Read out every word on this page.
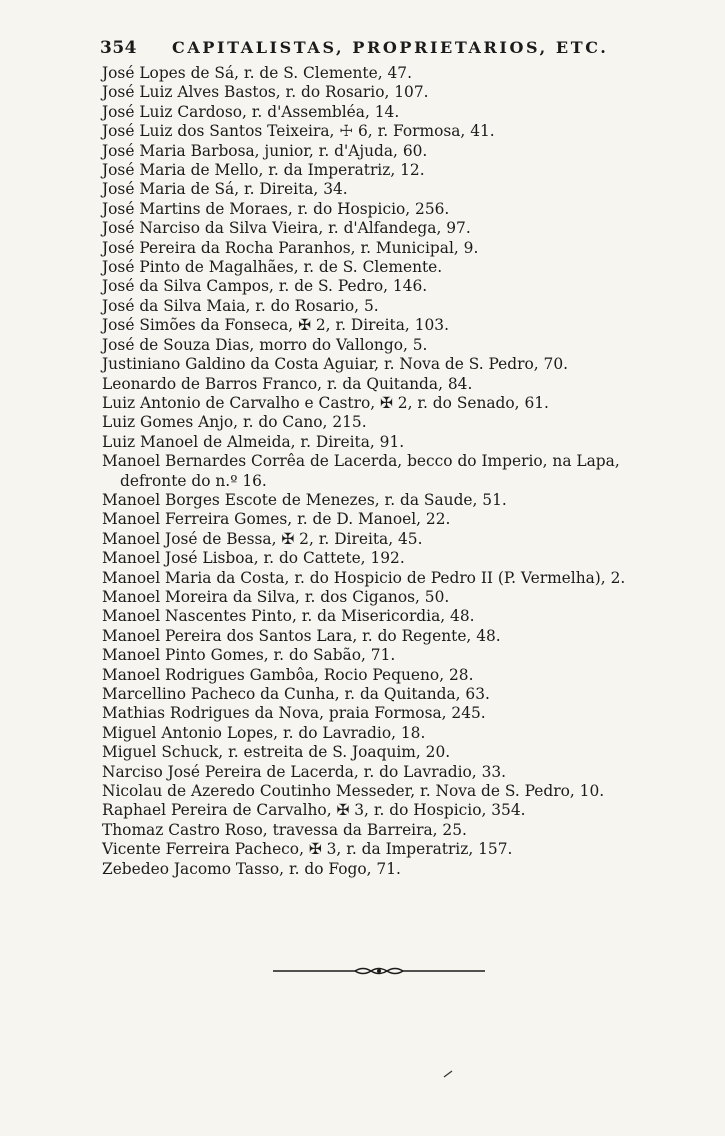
354 CAPITALISTAS, PROPRIETARIOS, ETC.
José Lopes de Sá, r. de S. Clemente, 47.
José Luiz Alves Bastos, r. do Rosario, 107.
José Luiz Cardoso, r. d'Assembléa, 14.
José Luiz dos Santos Teixeira, ☩ 6, r. Formosa, 41.
José Maria Barbosa, junior, r. d'Ajuda, 60.
José Maria de Mello, r. da Imperatriz, 12.
José Maria de Sá, r. Direita, 34.
José Martins de Moraes, r. do Hospicio, 256.
José Narciso da Silva Vieira, r. d'Alfandega, 97.
José Pereira da Rocha Paranhos, r. Municipal, 9.
José Pinto de Magalhães, r. de S. Clemente.
José da Silva Campos, r. de S. Pedro, 146.
José da Silva Maia, r. do Rosario, 5.
José Simões da Fonseca, ✠ 2, r. Direita, 103.
José de Souza Dias, morro do Vallongo, 5.
Justiniano Galdino da Costa Aguiar, r. Nova de S. Pedro, 70.
Leonardo de Barros Franco, r. da Quitanda, 84.
Luiz Antonio de Carvalho e Castro, ✠ 2, r. do Senado, 61.
Luiz Gomes Anjo, r. do Cano, 215.
Luiz Manoel de Almeida, r. Direita, 91.
Manoel Bernardes Corrêa de Lacerda, becco do Imperio, na Lapa,
defronte do n.º 16.
Manoel Borges Escote de Menezes, r. da Saude, 51.
Manoel Ferreira Gomes, r. de D. Manoel, 22.
Manoel José de Bessa, ✠ 2, r. Direita, 45.
Manoel José Lisboa, r. do Cattete, 192.
Manoel Maria da Costa, r. do Hospicio de Pedro II (P. Vermelha), 2.
Manoel Moreira da Silva, r. dos Ciganos, 50.
Manoel Nascentes Pinto, r. da Misericordia, 48.
Manoel Pereira dos Santos Lara, r. do Regente, 48.
Manoel Pinto Gomes, r. do Sabão, 71.
Manoel Rodrigues Gambôa, Rocio Pequeno, 28.
Marcellino Pacheco da Cunha, r. da Quitanda, 63.
Mathias Rodrigues da Nova, praia Formosa, 245.
Miguel Antonio Lopes, r. do Lavradio, 18.
Miguel Schuck, r. estreita de S. Joaquim, 20.
Narciso José Pereira de Lacerda, r. do Lavradio, 33.
Nicolau de Azeredo Coutinho Messeder, r. Nova de S. Pedro, 10.
Raphael Pereira de Carvalho, ✠ 3, r. do Hospicio, 354.
Thomaz Castro Roso, travessa da Barreira, 25.
Vicente Ferreira Pacheco, ✠ 3, r. da Imperatriz, 157.
Zebedeo Jacomo Tasso, r. do Fogo, 71.
